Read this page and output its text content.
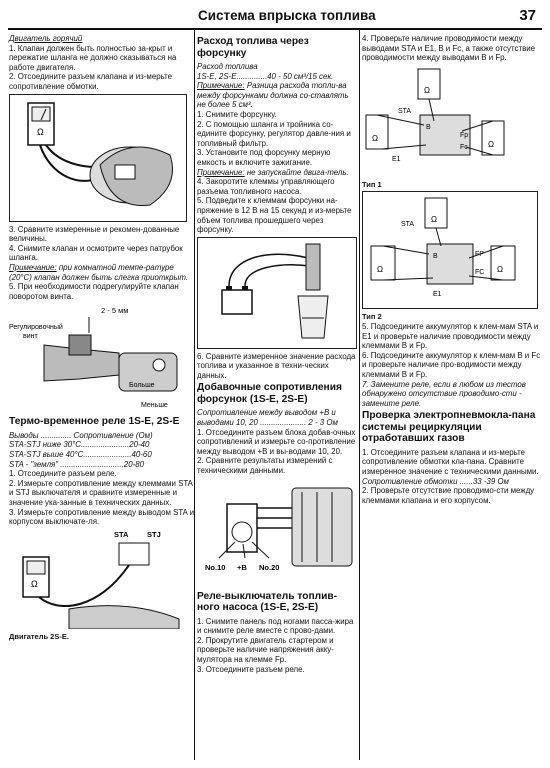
Система впрыска топлива	37

Двигатель горячий

1. Клапан должен быть полностью за-крыт и пережатие шланга не должно сказываться на работе двигателя.

2. Отсоедините разъем клапана и из-мерьте сопротивление обмотки.

Ω

3. Сравните измеренные и рекомен-дованные величины.

4. Снимите клапан и осмотрите через патрубок шланга.

Примечание: при комнатной темпе-ратуре (20°C) клапан должен быть слегка приоткрыт.

5. При необходимости подрегулируйте клапан поворотом винта.

2 - 5 мм
Регулировочный
винт
Больше
Меньше

Термо-временное реле 1S-E, 2S-E

Выводы .............. Сопротивление (Ом)

STA-STJ ниже 30°C......................20-40

STA-STJ выше 40°C......................40-60

STA - "земля" .............................20-80

1. Отсоедините разъем реле.

2. Измерьте сопротивление между клеммами STA и STJ выключателя и сравните измеренные и значение ука-занные в технических данных.

3. Измерьте сопротивление между выводом STA и корпусом выключате-ля.

Ω
STA STJ

Двигатель 2S-E.

Расход топлива через форсунку

Расход топлива

1S-E, 2S-E..............40 - 50 см³/15 сек.

Примечание: Разница расхода топли-ва между форсунками должна со-ставлять не более 5 см³.

1. Снимите форсунку.

2. С помощью шланга и тройника со-едините форсунку, регулятор давле-ния и топливный фильтр.

3. Установите под форсунку мерную емкость и включите зажигание.

Примечание: не запускайте двига-тель.

4. Закоротите клеммы управляющего разъема топливного насоса.

5. Подведите к клеммам форсунки на-пряжение в 12 В на 15 секунд и из-мерьте объем топлива прошедшего через форсунку.

6. Сравните измеренное значение расхода топлива и указанное в техни-ческих данных.

Добавочные сопротивления форсунок (1S-E, 2S-E)

Сопротивление между выводом +В и выводами 10, 20 ..................... 2 - 3 Ом

1. Отсоедините разъем блока добав-очных сопротивлений и измерьте со-противление между выводом +В и вы-водами 10, 20.

2. Сравните результаты измерений с техническими данными.

No.10 +B No.20

Реле-выключатель топлив-ного насоса (1S-E, 2S-E)

1. Снимите панель под ногами пасса-жира и снимите реле вместе с прово-дами.

2. Прокрутите двигатель стартером и проверьте наличие напряжения акку-мулятора на клемме Fp.

3. Отсоедините разъем реле.

4. Проверьте наличие проводимости между выводами STA и E1, В и Fc, а также отсутствие проводимости между выводами В и Fp.

Ω
Ω
Ω
STA
B
E1
Fp
Fc

Тип 1

Ω
Ω	Ω
STA
B	FP
FC
E1

Тип 2

5. Подсоедините аккумулятор к клем-мам STA и E1 и проверьте наличие проводимости между клеммами В и Fp.

6. Подсоедините аккумулятор к клем-мам В и Fc и проверьте наличие про-водимости между клеммами В и Fp.

7. Замените реле, если в любом из тестов обнаружено отсутствие проводимо-сти - замените реле.

Проверка электропневмокла-пана системы рециркуляции отработавших газов

1. Отсоедините разъем клапана и из-мерьте сопротивление обмотки кла-пана. Сравните измеренное значение с техническими данными.

Сопротивление обмотки ......33 -39 Ом

2. Проверьте отсутствие проводимо-сти между клеммами клапана и его корпусом.
